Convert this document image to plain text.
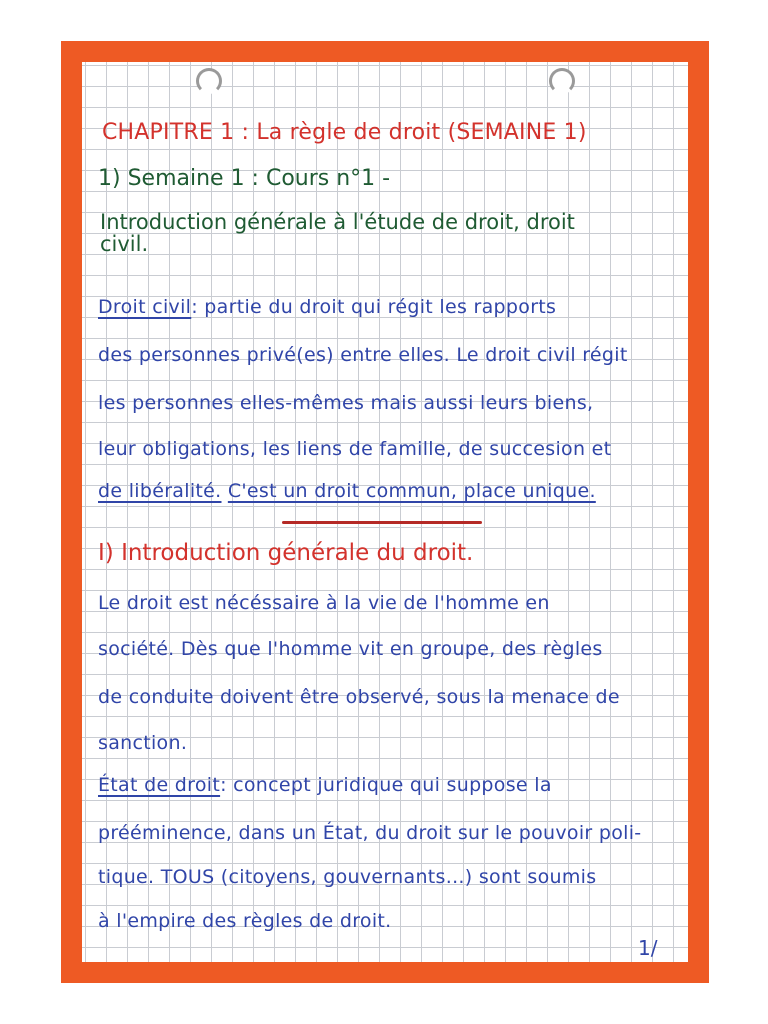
CHAPITRE 1 : La règle de droit (SEMAINE 1)
1) Semaine 1 : Cours n°1 -
Introduction générale à l'étude de droit, droit
civil.
Droit civil: partie du droit qui régit les rapports
des personnes privé(es) entre elles. Le droit civil régit
les personnes elles-mêmes mais aussi leurs biens,
leur obligations, les liens de famille, de succesion et
de libéralité. C'est un droit commun, place unique.
I) Introduction générale du droit.
Le droit est nécéssaire à la vie de l'homme en
société. Dès que l'homme vit en groupe, des règles
de conduite doivent être observé, sous la menace de
sanction.
État de droit: concept juridique qui suppose la
prééminence, dans un État, du droit sur le pouvoir poli-
tique. TOUS (citoyens, gouvernants...) sont soumis
à l'empire des règles de droit.
1/
